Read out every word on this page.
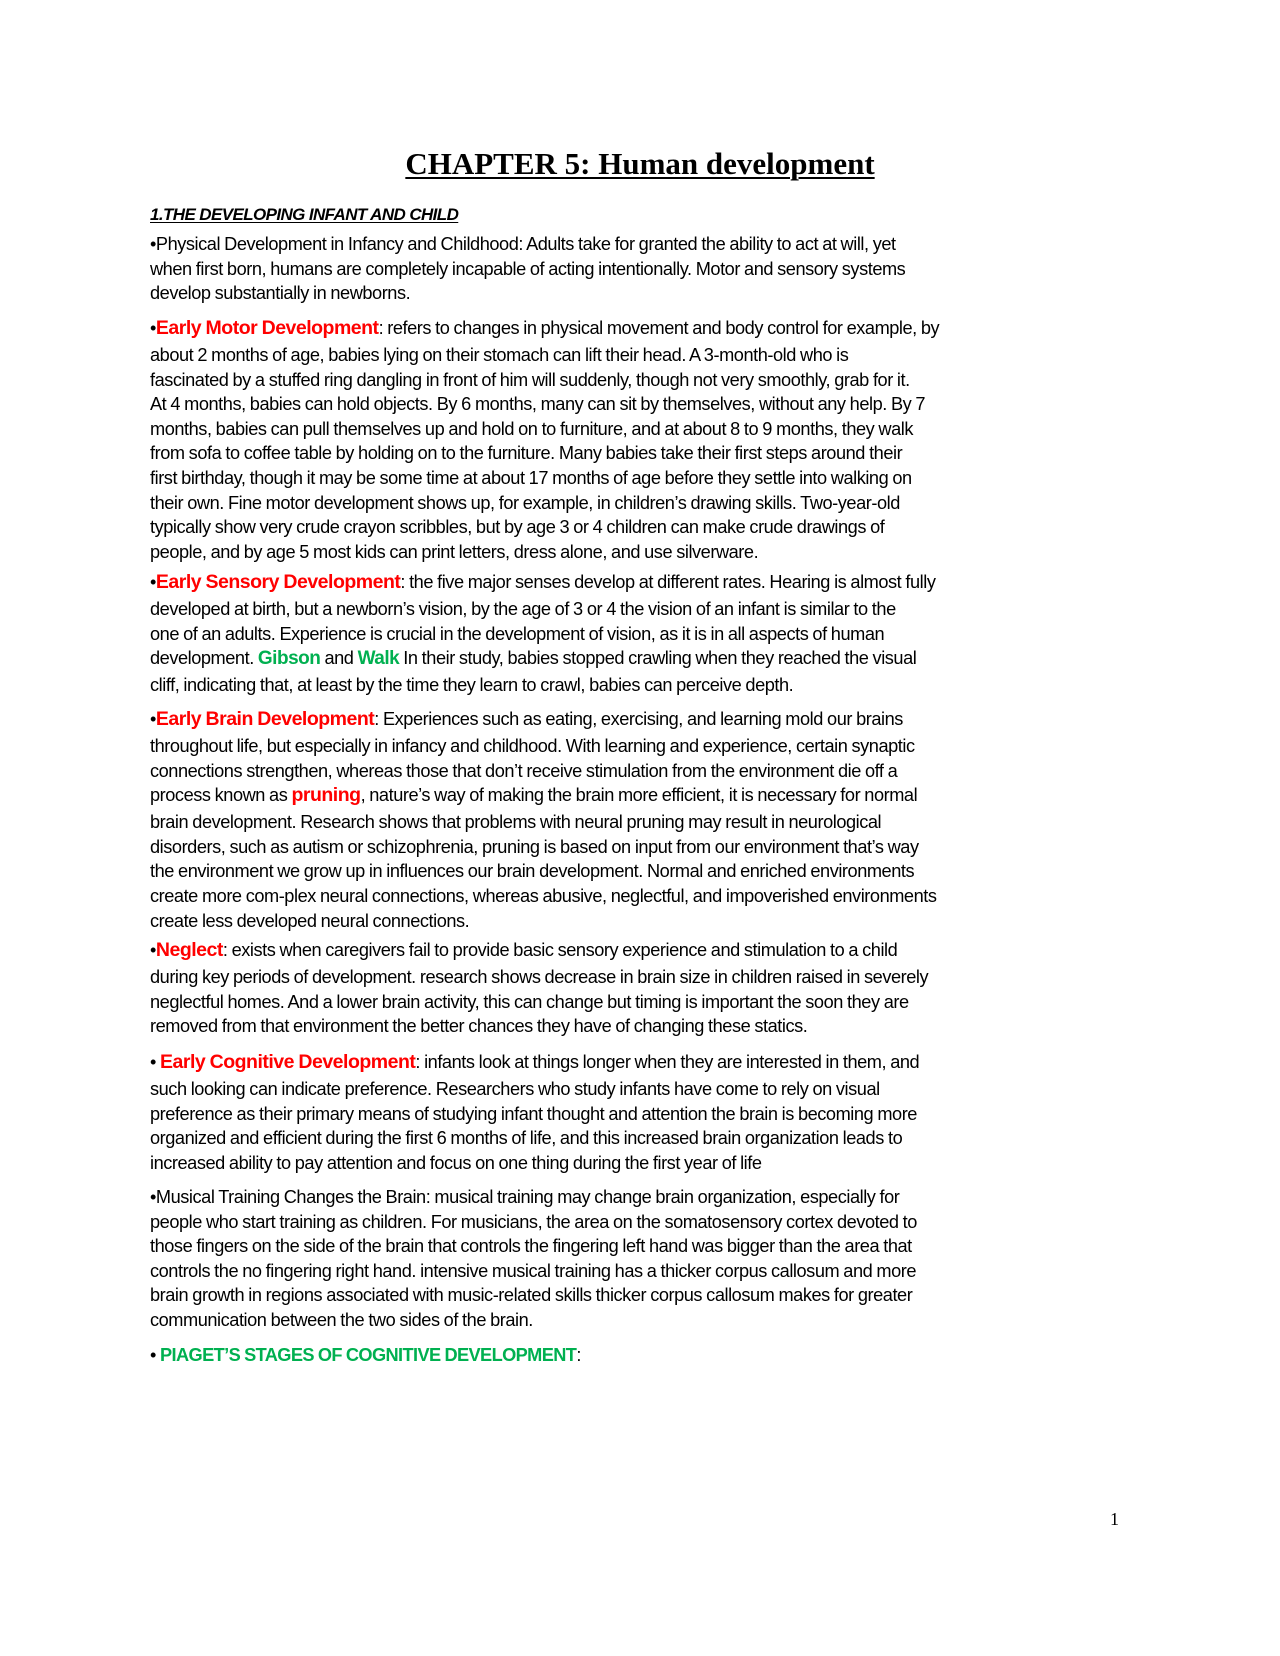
CHAPTER 5: Human development
1.THE DEVELOPING INFANT AND CHILD

•Physical Development in Infancy and Childhood: Adults take for granted the ability to act at will, yet
when first born, humans are completely incapable of acting intentionally. Motor and sensory systems
develop substantially in newborns.

•Early Motor Development: refers to changes in physical movement and body control for example, by
about 2 months of age, babies lying on their stomach can lift their head. A 3-month-old who is
fascinated by a stuffed ring dangling in front of him will suddenly, though not very smoothly, grab for it.
At 4 months, babies can hold objects. By 6 months, many can sit by themselves, without any help. By 7
months, babies can pull themselves up and hold on to furniture, and at about 8 to 9 months, they walk
from sofa to coffee table by holding on to the furniture. Many babies take their first steps around their
first birthday, though it may be some time at about 17 months of age before they settle into walking on
their own. Fine motor development shows up, for example, in children’s drawing skills. Two-year-old
typically show very crude crayon scribbles, but by age 3 or 4 children can make crude drawings of
people, and by age 5 most kids can print letters, dress alone, and use silverware.

•Early Sensory Development: the five major senses develop at different rates. Hearing is almost fully
developed at birth, but a newborn’s vision, by the age of 3 or 4 the vision of an infant is similar to the
one of an adults. Experience is crucial in the development of vision, as it is in all aspects of human
development. Gibson and Walk In their study, babies stopped crawling when they reached the visual
cliff, indicating that, at least by the time they learn to crawl, babies can perceive depth.

•Early Brain Development: Experiences such as eating, exercising, and learning mold our brains
throughout life, but especially in infancy and childhood. With learning and experience, certain synaptic
connections strengthen, whereas those that don’t receive stimulation from the environment die off a
process known as pruning, nature’s way of making the brain more efficient, it is necessary for normal
brain development. Research shows that problems with neural pruning may result in neurological
disorders, such as autism or schizophrenia, pruning is based on input from our environment that’s way
the environment we grow up in influences our brain development. Normal and enriched environments
create more com-plex neural connections, whereas abusive, neglectful, and impoverished environments
create less developed neural connections.

•Neglect: exists when caregivers fail to provide basic sensory experience and stimulation to a child
during key periods of development. research shows decrease in brain size in children raised in severely
neglectful homes. And a lower brain activity, this can change but timing is important the soon they are
removed from that environment the better chances they have of changing these statics.

• Early Cognitive Development: infants look at things longer when they are interested in them, and
such looking can indicate preference. Researchers who study infants have come to rely on visual
preference as their primary means of studying infant thought and attention the brain is becoming more
organized and efficient during the first 6 months of life, and this increased brain organization leads to
increased ability to pay attention and focus on one thing during the first year of life

•Musical Training Changes the Brain: musical training may change brain organization, especially for
people who start training as children. For musicians, the area on the somatosensory cortex devoted to
those fingers on the side of the brain that controls the fingering left hand was bigger than the area that
controls the no fingering right hand. intensive musical training has a thicker corpus callosum and more
brain growth in regions associated with music-related skills thicker corpus callosum makes for greater
communication between the two sides of the brain.

• PIAGET’S STAGES OF COGNITIVE DEVELOPMENT:

1
